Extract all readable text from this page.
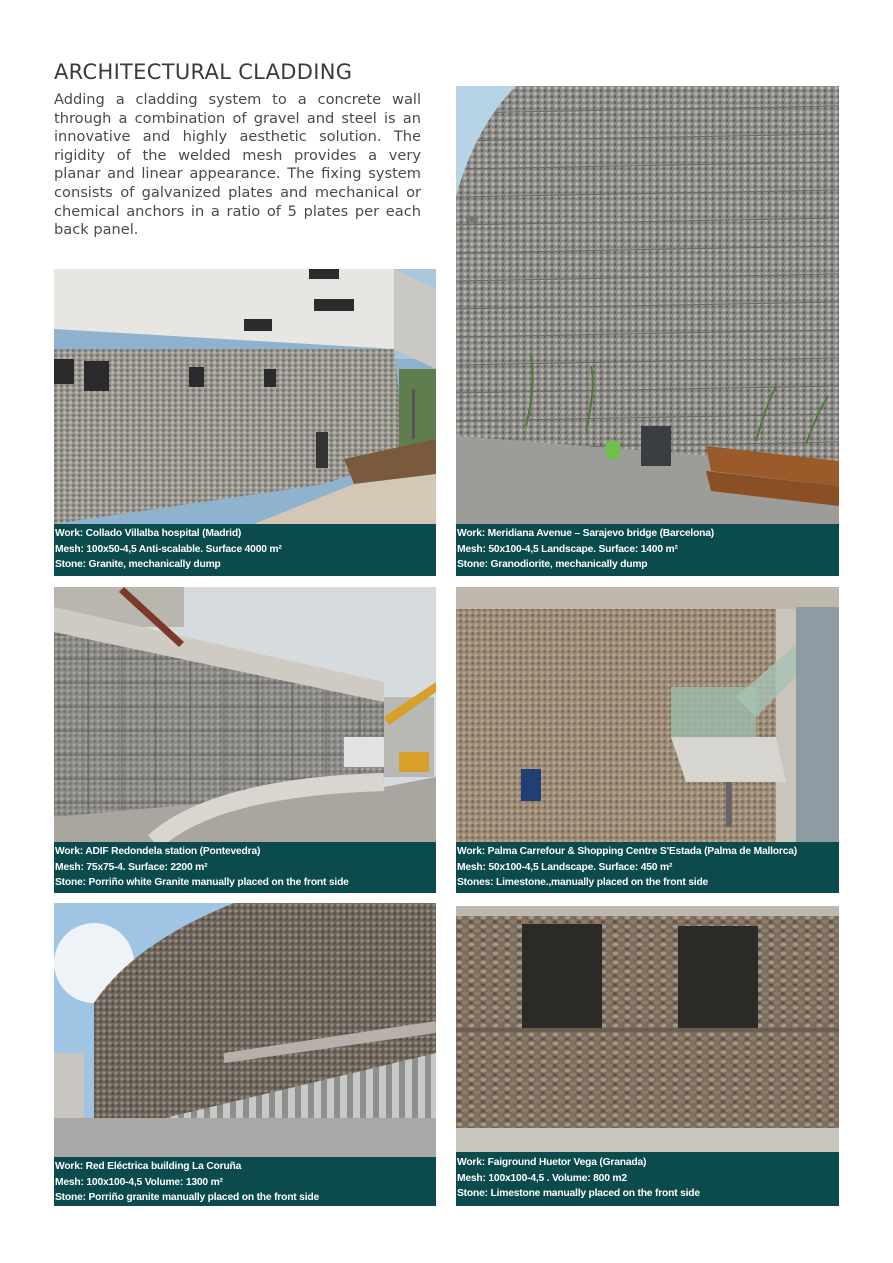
ARCHITECTURAL CLADDING

Adding a cladding system to a concrete wall through a combination of gravel and steel is an innovative and highly aesthetic solution. The rigidity of the welded mesh provides a very planar and linear appearance. The fixing system consists of galvanized plates and mechanical or chemical anchors in a ratio of 5 plates per each back panel.

Work: Collado Villalba hospital (Madrid)
Mesh: 100x50-4,5 Anti-scalable. Surface 4000 m²
Stone: Granite, mechanically dump
Work: Meridiana Avenue – Sarajevo bridge (Barcelona)
Mesh: 50x100-4,5 Landscape. Surface: 1400 m²
Stone: Granodiorite, mechanically dump
Work: ADIF Redondela station (Pontevedra)
Mesh: 75x75-4. Surface: 2200 m²
Stone: Porriño white Granite manually placed on the front side
Work: Palma Carrefour & Shopping Centre S'Estada (Palma de Mallorca)
Mesh: 50x100-4,5 Landscape. Surface: 450 m²
Stones: Limestone.,manually placed on the front side
Work: Red Eléctrica building La Coruña
Mesh: 100x100-4,5 Volume: 1300 m²
Stone: Porriño granite manually placed on the front side
Work: Faiground Huetor Vega (Granada)
Mesh: 100x100-4,5 . Volume: 800 m2
Stone: Limestone manually placed on the front side
